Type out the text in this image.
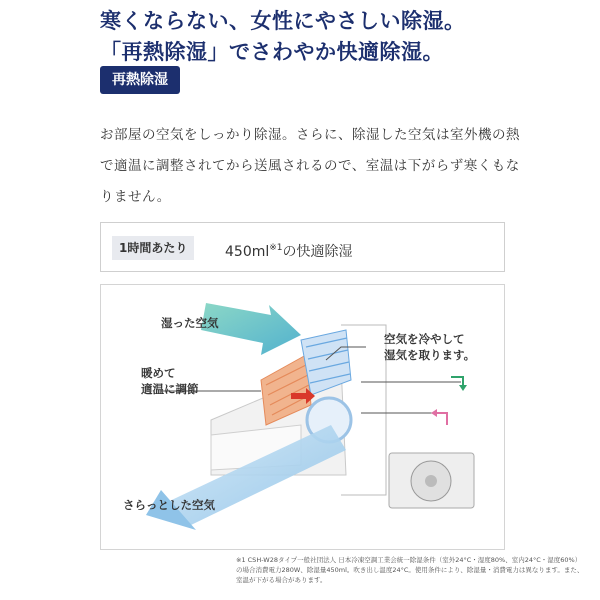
寒くならない、女性にやさしい除湿。
「再熱除湿」でさわやか快適除湿。
再熱除湿
お部屋の空気をしっかり除湿。さらに、除湿した空気は室外機の熱で適温に調整されてから送風されるので、室温は下がらず寒くもなりません。
1時間あたり	$450ml^{※1}$の快適除湿
湿った空気
空気を冷やして
湿気を取ります。
暖めて
適温に調節
さらっとした空気
※1 CSH-W28タイプ一般社団法人 日本冷凍空調工業会統一除湿条件（室外24°C・湿度80%、室内24°C・湿度60%）の場合消費電力280W、除湿量450ml。吹き出し温度24°C。使用条件により、除湿量・消費電力は異なります。また、室温が下がる場合があります。
